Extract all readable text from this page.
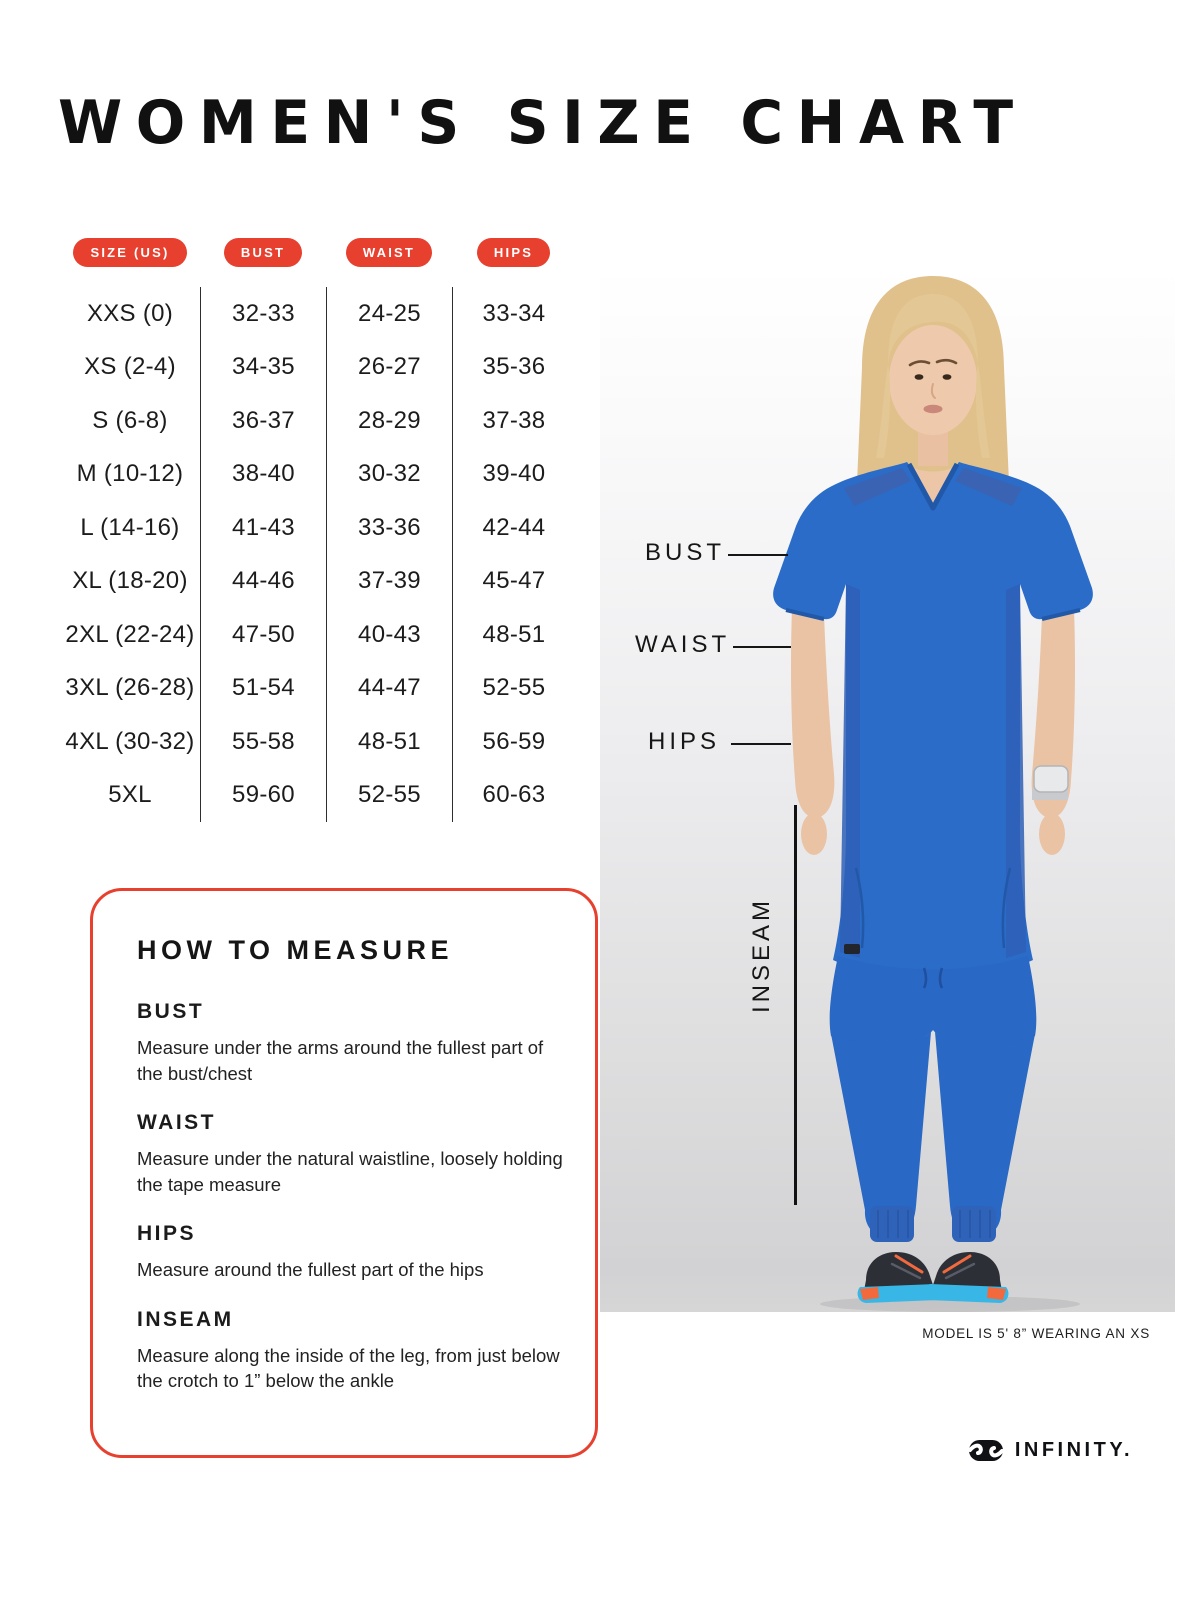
WOMEN'S SIZE CHART
SIZE (US)	BUST	WAIST	HIPS
XXS (0)	32-33	24-25	33-34
XS (2-4)	34-35	26-27	35-36
S (6-8)	36-37	28-29	37-38
M (10-12)	38-40	30-32	39-40
L (14-16)	41-43	33-36	42-44
XL (18-20)	44-46	37-39	45-47
2XL (22-24)	47-50	40-43	48-51
3XL (26-28)	51-54	44-47	52-55
4XL (30-32)	55-58	48-51	56-59
5XL	59-60	52-55	60-63
HOW TO MEASURE
BUST

Measure under the arms around the fullest part of the bust/chest

WAIST

Measure under the natural waistline, loosely holding the tape measure

HIPS

Measure around the fullest part of the hips

INSEAM

Measure along the inside of the leg, from just below the crotch to 1” below the ankle

BUST
WAIST
HIPS
INSEAM
MODEL IS 5' 8” WEARING AN XS
INFINITY.
